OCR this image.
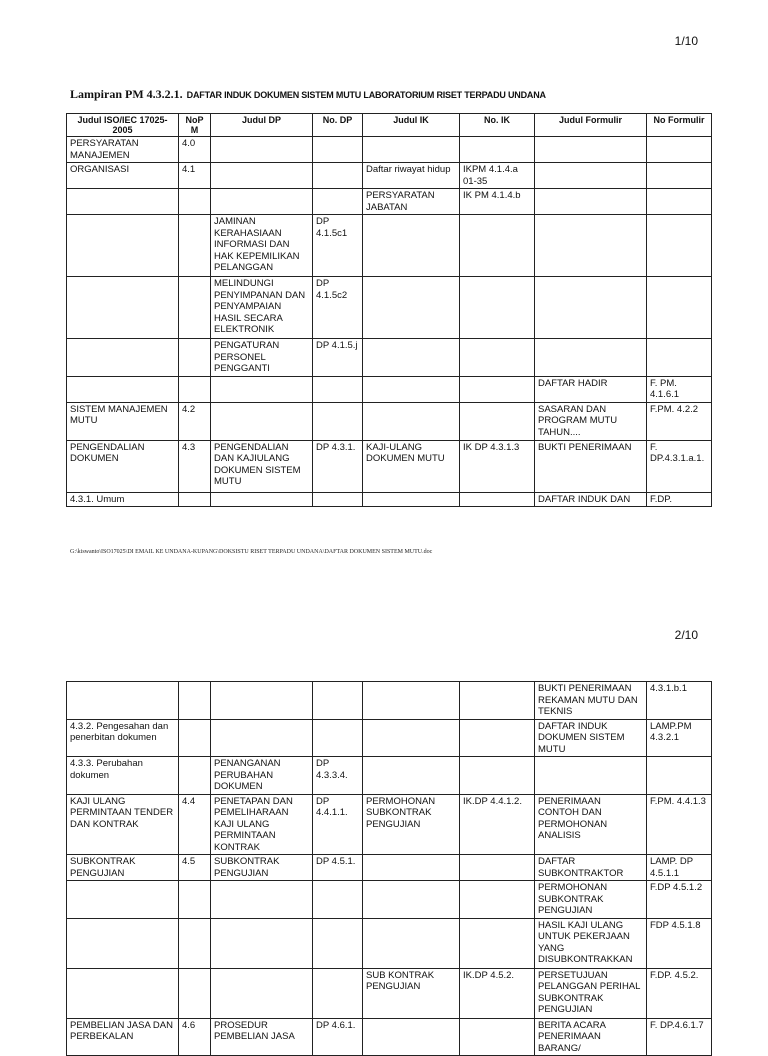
1/10
Lampiran PM 4.3.2.1. DAFTAR INDUK DOKUMEN SISTEM MUTU LABORATORIUM RISET TERPADU UNDANA
Judul ISO/IEC 17025-2005	NoP M	Judul DP	No. DP	Judul IK	No. IK	Judul Formulir	No Formulir
PERSYARATAN MANAJEMEN	4.0						
ORGANISASI	4.1			Daftar riwayat hidup	IKPM 4.1.4.a 01-35		
				PERSYARATAN JABATAN	IK PM 4.1.4.b		
		JAMINAN KERAHASIAAN INFORMASI DAN HAK KEPEMILIKAN PELANGGAN	DP 4.1.5c1				
		MELINDUNGI PENYIMPANAN DAN PENYAMPAIAN HASIL SECARA ELEKTRONIK	DP 4.1.5c2				
		PENGATURAN PERSONEL PENGGANTI	DP 4.1.5.j				
						DAFTAR HADIR	F. PM. 4.1.6.1
SISTEM MANAJEMEN MUTU	4.2					SASARAN DAN PROGRAM MUTU TAHUN....	F.PM. 4.2.2
PENGENDALIAN DOKUMEN	4.3	PENGENDALIAN DAN KAJIULANG DOKUMEN SISTEM MUTU	DP 4.3.1.	KAJI-ULANG DOKUMEN MUTU	IK DP 4.3.1.3	BUKTI PENERIMAAN	F. DP.4.3.1.a.1.
4.3.1. Umum						DAFTAR INDUK DAN	F.DP.
G:\kiswanto\ISO17025\DI EMAIL KE UNDANA-KUPANG\DOKSISTU RISET TERPADU UNDANA\DAFTAR DOKUMEN SISTEM MUTU.doc
2/10
						BUKTI PENERIMAAN REKAMAN MUTU DAN TEKNIS	4.3.1.b.1
4.3.2. Pengesahan dan penerbitan dokumen						DAFTAR INDUK DOKUMEN SISTEM MUTU	LAMP.PM 4.3.2.1
4.3.3. Perubahan dokumen		PENANGANAN PERUBAHAN DOKUMEN	DP 4.3.3.4.				
KAJI ULANG PERMINTAAN TENDER DAN KONTRAK	4.4	PENETAPAN DAN PEMELIHARAAN KAJI ULANG PERMINTAAN KONTRAK	DP 4.4.1.1.	PERMOHONAN SUBKONTRAK PENGUJIAN	IK.DP 4.4.1.2.	PENERIMAAN CONTOH DAN PERMOHONAN ANALISIS	F.PM. 4.4.1.3
SUBKONTRAK PENGUJIAN	4.5	SUBKONTRAK PENGUJIAN	DP 4.5.1.			DAFTAR SUBKONTRAKTOR	LAMP. DP 4.5.1.1
						PERMOHONAN SUBKONTRAK PENGUJIAN	F.DP 4.5.1.2
						HASIL KAJI ULANG UNTUK PEKERJAAN YANG DISUBKONTRAKKAN	FDP 4.5.1.8
				SUB KONTRAK PENGUJIAN	IK.DP 4.5.2.	PERSETUJUAN PELANGGAN PERIHAL SUBKONTRAK PENGUJIAN	F.DP. 4.5.2.
PEMBELIAN JASA DAN PERBEKALAN	4.6	PROSEDUR PEMBELIAN JASA	DP 4.6.1.			BERITA ACARA PENERIMAAN BARANG/	F. DP.4.6.1.7
